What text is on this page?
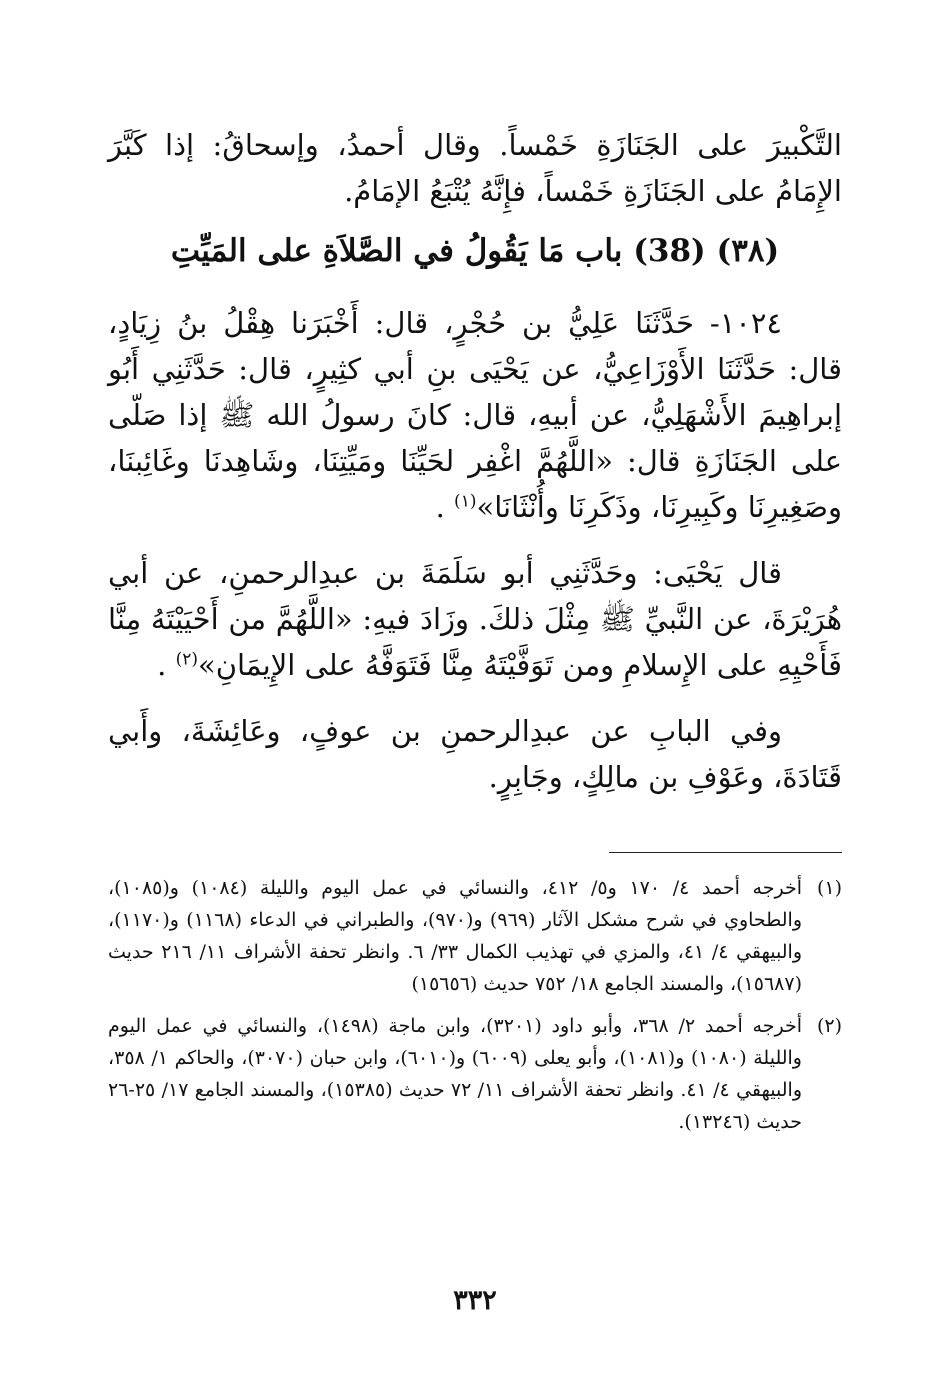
التَّكْبيرَ على الجَنَازَةِ خَمْساً. وقال أحمدُ، وإسحاقُ: إذا كَبَّرَ الإِمَامُ على الجَنَازَةِ خَمْساً، فإِنَّهُ يُتْبَعُ الإمَامُ.

(٣٨) (38) باب مَا يَقُولُ في الصَّلاَةِ على المَيِّتِ

١٠٢٤- حَدَّثَنَا عَلِيُّ بن حُجْرٍ، قال: أَخْبَرَنا هِقْلُ بنُ زِيَادٍ، قال: حَدَّثَنَا الأَوْزَاعِيُّ، عن يَحْيَى بنِ أبي كثِيرٍ، قال: حَدَّثَنِي أَبُو إبراهِيمَ الأَشْهَلِيُّ، عن أبيهِ، قال: كانَ رسولُ الله ﷺ إذا صَلّى على الجَنَازَةِ قال: «اللَّهُمَّ اغْفِر لحَيِّنَا ومَيِّتِنَا، وشَاهِدنَا وغَائِبنَا، وصَغِيرِنَا وكَبِيرِنَا، وذَكَرِنَا وأُنْثَانَا»$^{(١)}$ .

قال يَحْيَى: وحَدَّثَنِي أبو سَلَمَةَ بن عبدِالرحمنِ، عن أبي هُرَيْرَةَ، عن النَّبيِّ ﷺ مِثْلَ ذلكَ. وزَادَ فيهِ: «اللَّهُمَّ من أَحْيَيْتَهُ مِنَّا فَأَحْيِهِ على الإِسلامِ ومن تَوَفَّيْتَهُ مِنَّا فَتَوَفَّهُ على الإِيمَانِ»$^{(٢)}$ .

وفي البابِ عن عبدِالرحمنِ بن عوفٍ، وعَائِشَةَ، وأَبي قَتَادَةَ، وعَوْفِ بن مالِكٍ، وجَابِرٍ.

(١)
أخرجه أحمد ٤/ ١٧٠ و٥/ ٤١٢، والنسائي في عمل اليوم والليلة (١٠٨٤) و(١٠٨٥)، والطحاوي في شرح مشكل الآثار (٩٦٩) و(٩٧٠)، والطبراني في الدعاء (١١٦٨) و(١١٧٠)، والبيهقي ٤/ ٤١، والمزي في تهذيب الكمال ٣٣/ ٦. وانظر تحفة الأشراف ١١/ ٢١٦ حديث (١٥٦٨٧)، والمسند الجامع ١٨/ ٧٥٢ حديث (١٥٦٥٦)
(٢)
أخرجه أحمد ٢/ ٣٦٨، وأبو داود (٣٢٠١)، وابن ماجة (١٤٩٨)، والنسائي في عمل اليوم والليلة (١٠٨٠) و(١٠٨١)، وأبو يعلى (٦٠٠٩) و(٦٠١٠)، وابن حبان (٣٠٧٠)، والحاكم ١/ ٣٥٨، والبيهقي ٤/ ٤١. وانظر تحفة الأشراف ١١/ ٧٢ حديث (١٥٣٨٥)، والمسند الجامع ١٧/ ٢٥-٢٦ حديث (١٣٢٤٦).
٣٣٢
